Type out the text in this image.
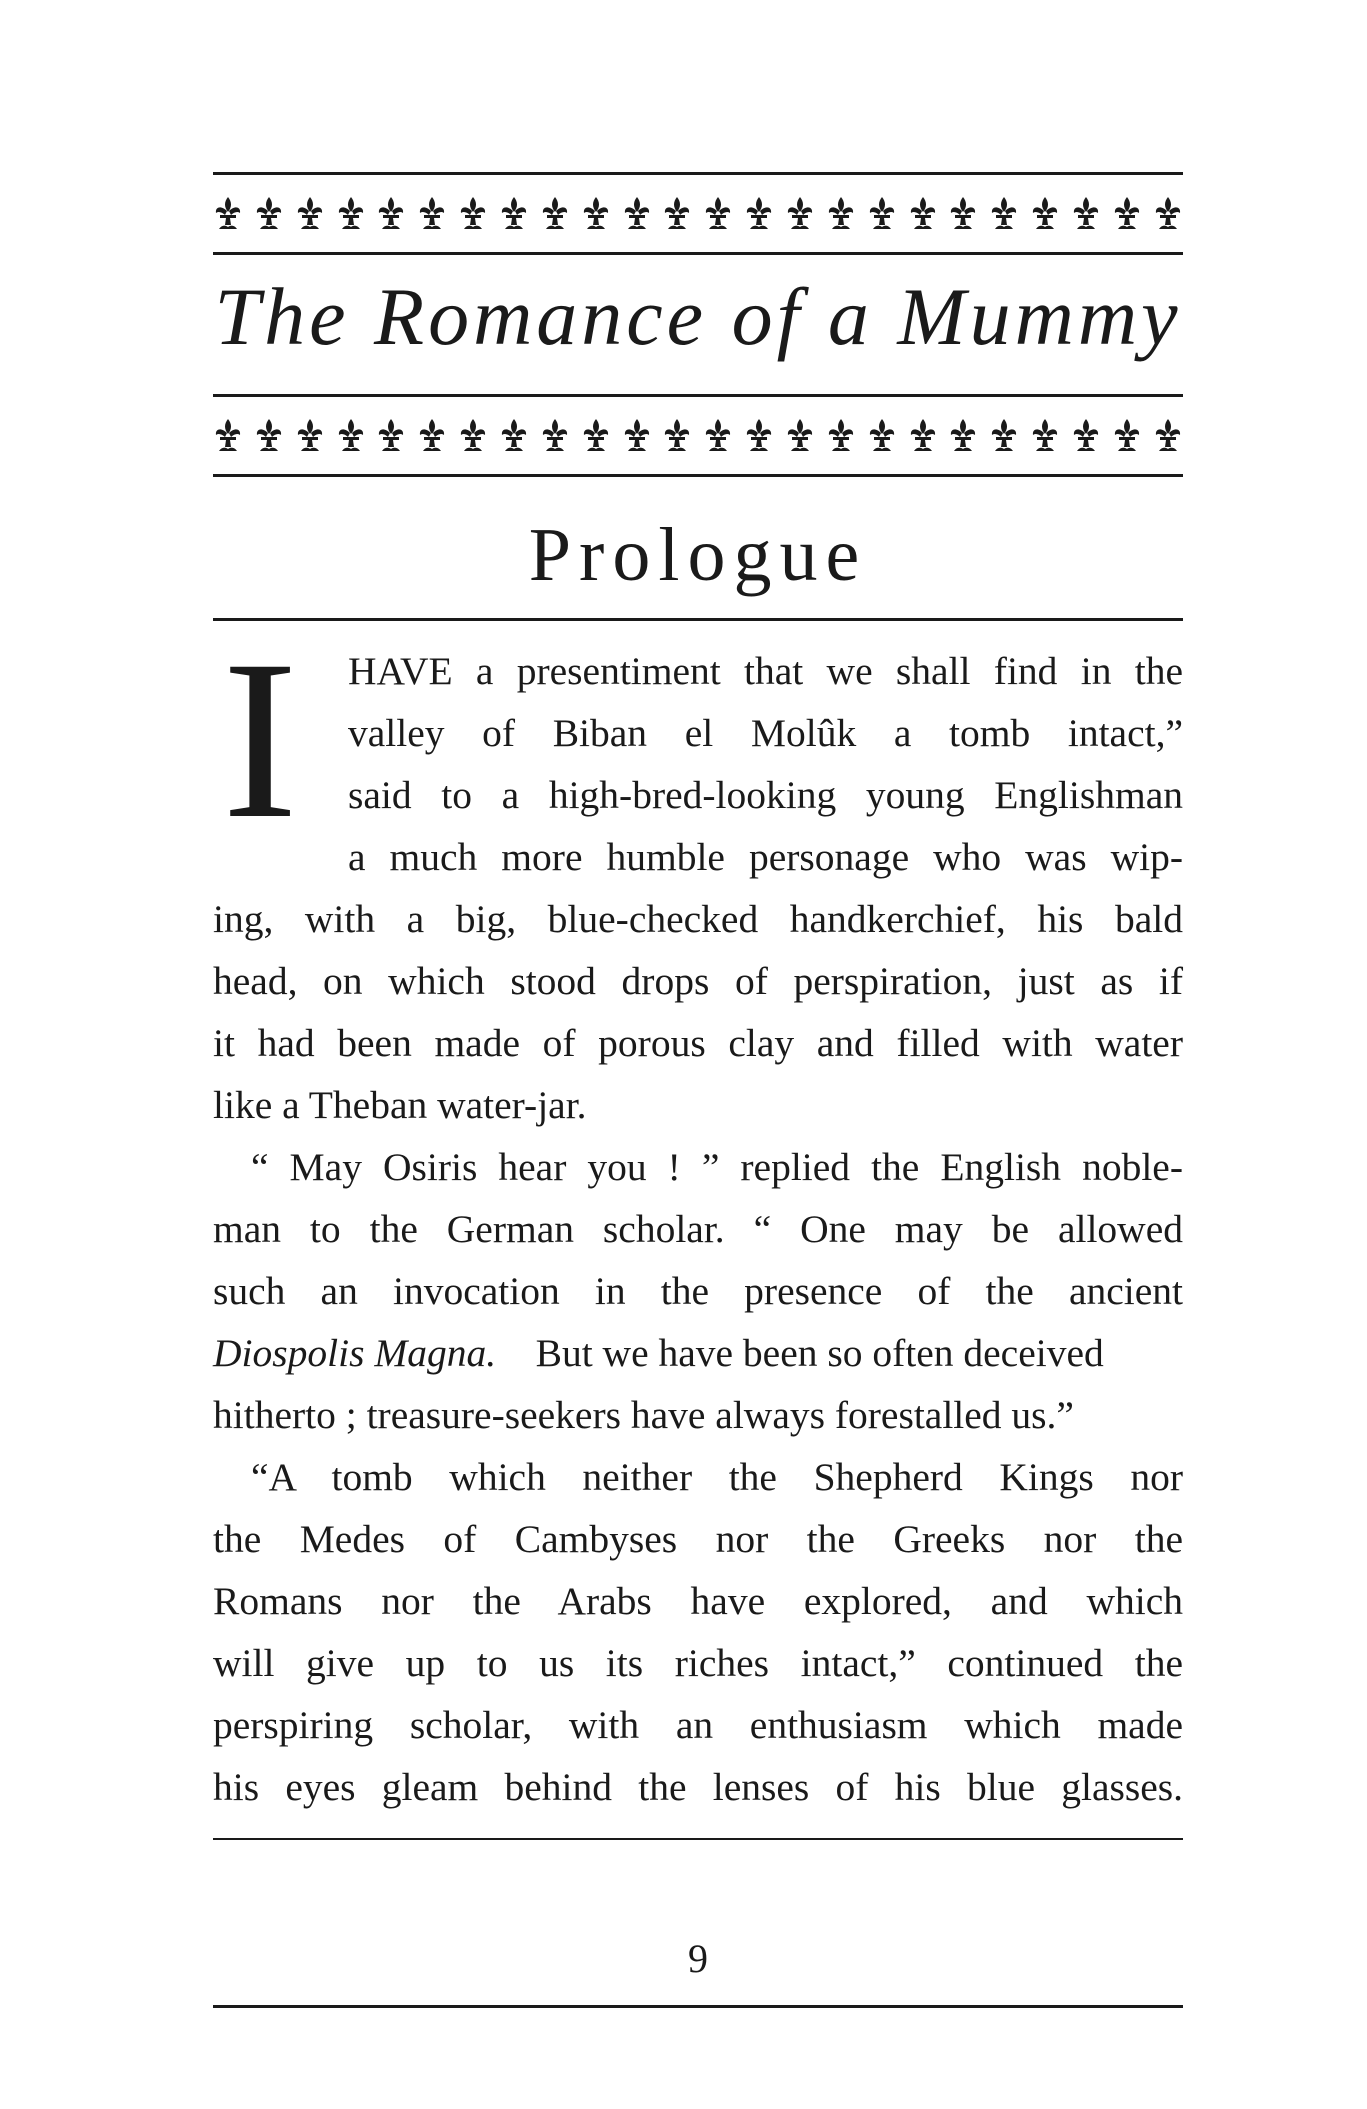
The Romance of a Mummy
Prologue
I HAVE a presentiment that we shall find in the
valley of Biban el Molûk a tomb intact,”
said to a high-bred-looking young Englishman
a much more humble personage who was wip-
ing, with a big, blue-checked handkerchief, his bald
head, on which stood drops of perspiration, just as if
it had been made of porous clay and filled with water
like a Theban water-jar.
“ May Osiris hear you ! ” replied the English noble-
man to the German scholar. “ One may be allowed
such an invocation in the presence of the ancient
Diospolis Magna. But we have been so often deceived
hitherto ; treasure-seekers have always forestalled us.”
“A tomb which neither the Shepherd Kings nor
the Medes of Cambyses nor the Greeks nor the
Romans nor the Arabs have explored, and which
will give up to us its riches intact,” continued the
perspiring scholar, with an enthusiasm which made
his eyes gleam behind the lenses of his blue glasses.
9
